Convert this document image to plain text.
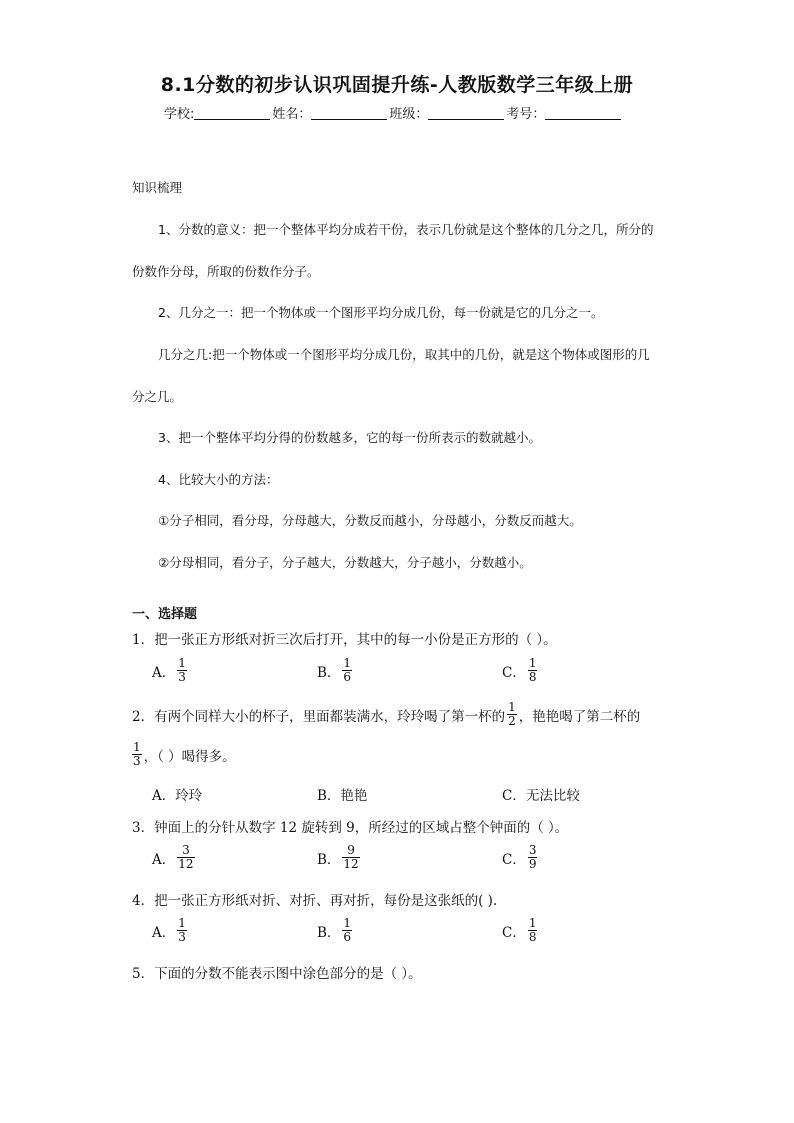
8.1分数的初步认识巩固提升练-人教版数学三年级上册
学校:	姓名：	班级：	考号：
知识梳理
1、分数的意义：把一个整体平均分成若干份，表示几份就是这个整体的几分之几，所分的
份数作分母，所取的份数作分子。
2、几分之一：把一个物体或一个图形平均分成几份，每一份就是它的几分之一。
几分之几:把一个物体或一个图形平均分成几份，取其中的几份，就是这个物体或图形的几
分之几。
3、把一个整体平均分得的份数越多，它的每一份所表示的数就越小。
4、比较大小的方法：
①分子相同，看分母，分母越大，分数反而越小，分母越小，分数反而越大。
②分母相同，看分子，分子越大，分数越大，分子越小，分数越小。
一、选择题
1．把一张正方形纸对折三次后打开，其中的每一小份是正方形的（ ）。
A． $\frac{1}{3}$	B． $\frac{1}{6}$	C． $\frac{1}{8}$
2．有两个同样大小的杯子，里面都装满水，玲玲喝了第一杯的 $\frac{1}{2}$ ，艳艳喝了第二杯的
$\frac{1}{3}$ ，（ ）喝得多。
A． 玲玲	B． 艳艳	C． 无法比较
3．钟面上的分针从数字 12 旋转到 9，所经过的区域占整个钟面的（ ）。
A． $\frac{3}{12}$	B． $\frac{9}{12}$	C． $\frac{3}{9}$
4．把一张正方形纸对折、对折、再对折，每份是这张纸的( ).
A． $\frac{1}{3}$	B． $\frac{1}{6}$	C． $\frac{1}{8}$
5．下面的分数不能表示图中涂色部分的是（ ）。
